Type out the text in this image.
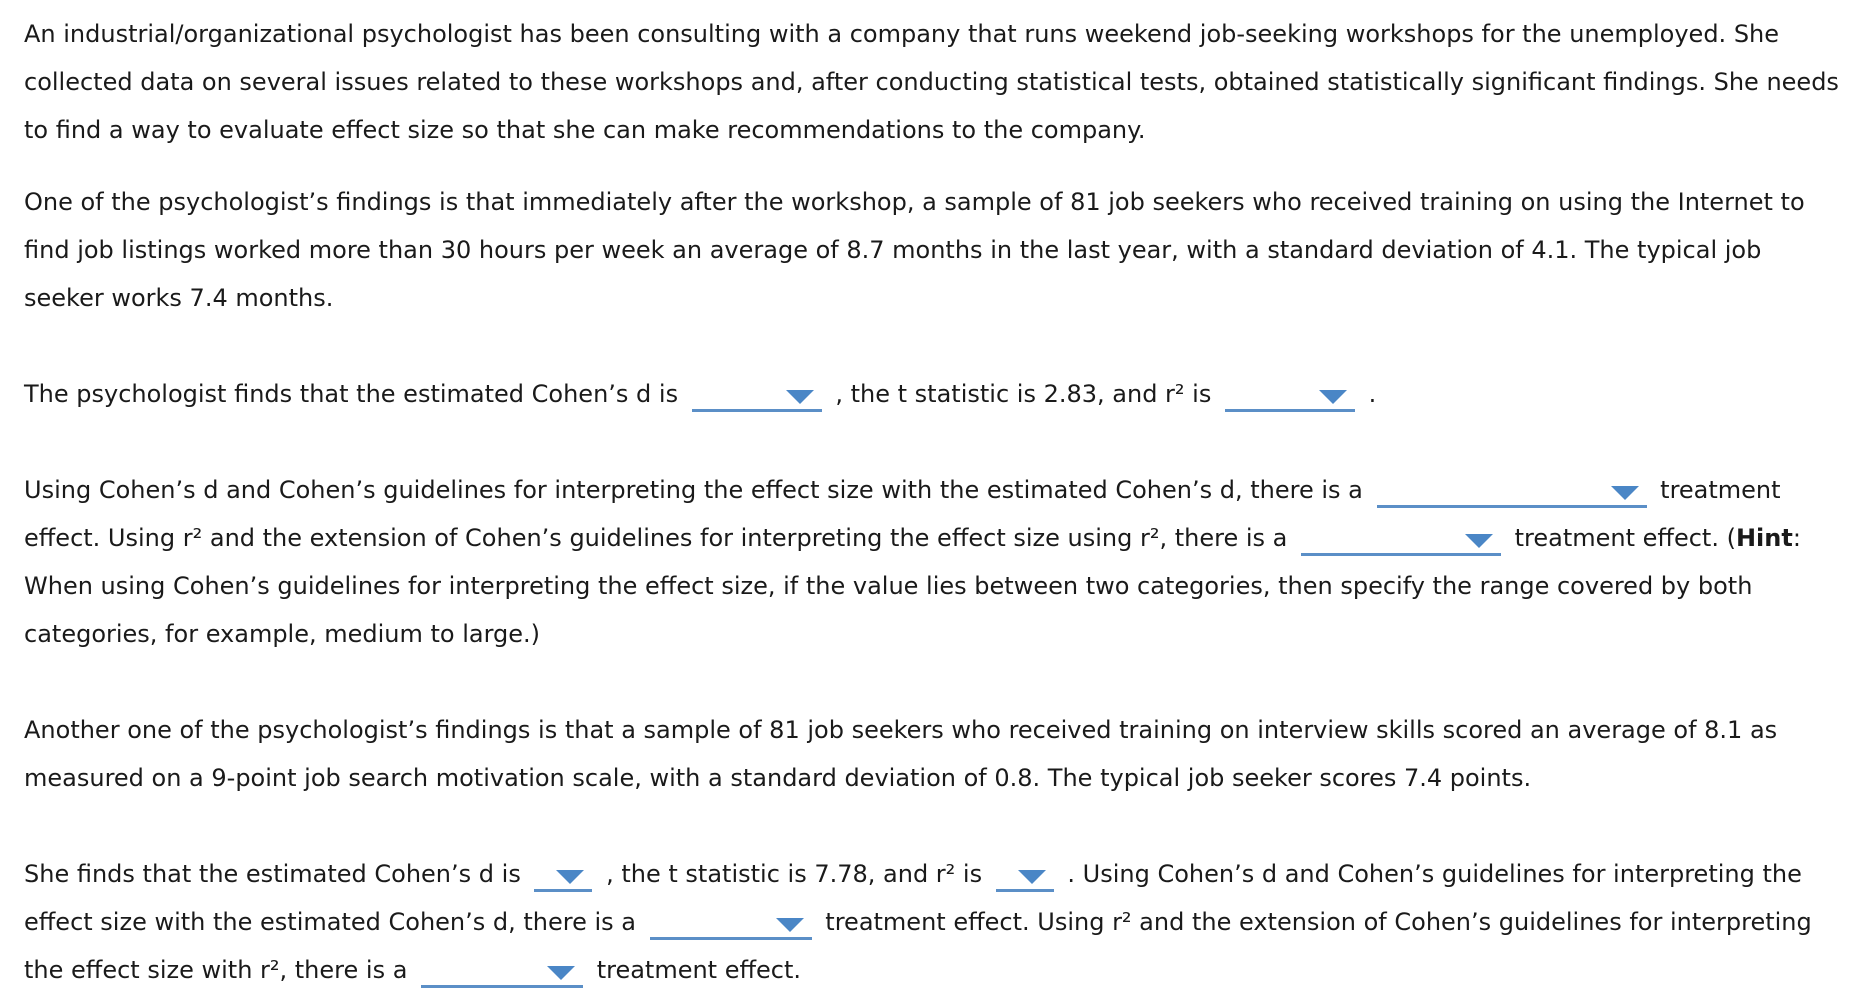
An industrial/organizational psychologist has been consulting with a company that runs weekend job-seeking workshops for the unemployed. She collected data on several issues related to these workshops and, after conducting statistical tests, obtained statistically significant findings. She needs to find a way to evaluate effect size so that she can make recommendations to the company.

One of the psychologist’s findings is that immediately after the workshop, a sample of 81 job seekers who received training on using the Internet to find job listings worked more than 30 hours per week an average of 8.7 months in the last year, with a standard deviation of 4.1. The typical job seeker works 7.4 months.

The psychologist finds that the estimated Cohen’s d is	, the t statistic is 2.83, and r² is	.

Using Cohen’s d and Cohen’s guidelines for interpreting the effect size with the estimated Cohen’s d, there is a	treatment effect. Using r² and the extension of Cohen’s guidelines for interpreting the effect size using r², there is a	treatment effect. (Hint: When using Cohen’s guidelines for interpreting the effect size, if the value lies between two categories, then specify the range covered by both categories, for example, medium to large.)

Another one of the psychologist’s findings is that a sample of 81 job seekers who received training on interview skills scored an average of 8.1 as measured on a 9-point job search motivation scale, with a standard deviation of 0.8. The typical job seeker scores 7.4 points.

She finds that the estimated Cohen’s d is	, the t statistic is 7.78, and r² is	. Using Cohen’s d and Cohen’s guidelines for interpreting the effect size with the estimated Cohen’s d, there is a	treatment effect. Using r² and the extension of Cohen’s guidelines for interpreting the effect size with r², there is a	treatment effect.
